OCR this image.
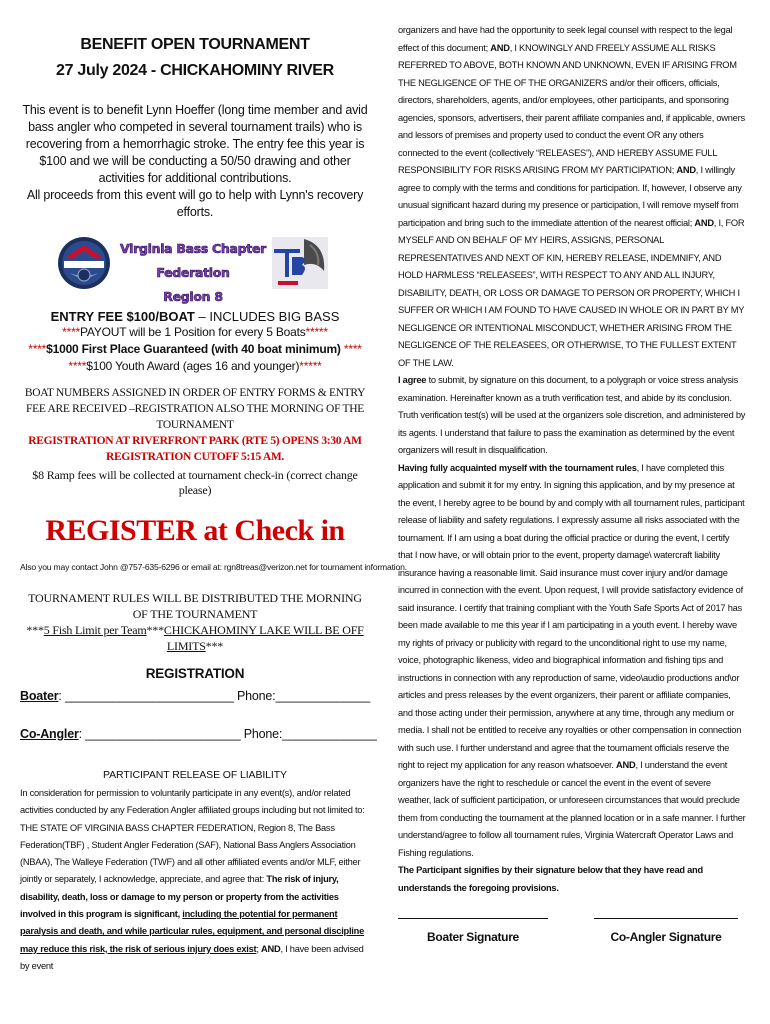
BENEFIT OPEN TOURNAMENT
27 July 2024 - CHICKAHOMINY RIVER

This event is to benefit Lynn Hoeffer (long time member and avid bass angler who competed in several tournament trails) who is recovering from a hemorrhagic stroke. The entry fee this year is $100 and we will be conducting a 50/50 drawing and other activities for additional contributions.

All proceeds from this event will go to help with Lynn's recovery efforts.

Virginia Bass Chapter Federation
Region 8
ENTRY FEE $100/BOAT – INCLUDES BIG BASS
****PAYOUT will be 1 Position for every 5 Boats*****
****$1000 First Place Guaranteed (with 40 boat minimum) ****
****$100 Youth Award (ages 16 and younger)*****
BOAT NUMBERS ASSIGNED IN ORDER OF ENTRY FORMS & ENTRY FEE ARE RECEIVED –REGISTRATION ALSO THE MORNING OF THE TOURNAMENT
REGISTRATION AT RIVERFRONT PARK (RTE 5) OPENS 3:30 AM
REGISTRATION CUTOFF 5:15 AM.
$8 Ramp fees will be collected at tournament check-in (correct change please)
REGISTER at Check in
Also you may contact John @757-635-6296 or email at: rgn8treas@verizon.net for tournament information.
TOURNAMENT RULES WILL BE DISTRIBUTED THE MORNING OF THE TOURNAMENT
***5 Fish Limit per Team***CHICKAHOMINY LAKE WILL BE OFF LIMITS***
REGISTRATION
Boater: _________________________ Phone:______________
Co-Angler: _______________________ Phone:______________
PARTICIPANT RELEASE OF LIABILITY
In consideration for permission to voluntarily participate in any event(s), and/or related activities conducted by any Federation Angler affiliated groups including but not limited to: THE STATE OF VIRGINIA BASS CHAPTER FEDERATION, Region 8, The Bass Federation(TBF) , Student Angler Federation (SAF), National Bass Anglers Association (NBAA), The Walleye Federation (TWF) and all other affiliated events and/or MLF, either jointly or separately, I acknowledge, appreciate, and agree that: The risk of injury, disability, death, loss or damage to my person or property from the activities involved in this program is significant, including the potential for permanent paralysis and death, and while particular rules, equipment, and personal discipline may reduce this risk, the risk of serious injury does exist; AND, I have been advised by event

organizers and have had the opportunity to seek legal counsel with respect to the legal effect of this document; AND, I KNOWINGLY AND FREELY ASSUME ALL RISKS REFERRED TO ABOVE, BOTH KNOWN AND UNKNOWN, EVEN IF ARISING FROM THE NEGLIGENCE OF THE OF THE ORGANIZERS and/or their officers, officials, directors, shareholders, agents, and/or employees, other participants, and sponsoring agencies, sponsors, advertisers, their parent affiliate companies and, if applicable, owners and lessors of premises and property used to conduct the event OR any others connected to the event (collectively “RELEASES”), AND HEREBY ASSUME FULL RESPONSIBILITY FOR RISKS ARISING FROM MY PARTICIPATION; AND, I willingly agree to comply with the terms and conditions for participation. If, however, I observe any unusual significant hazard during my presence or participation, I will remove myself from participation and bring such to the immediate attention of the nearest official; AND, I, FOR MYSELF AND ON BEHALF OF MY HEIRS, ASSIGNS, PERSONAL REPRESENTATIVES AND NEXT OF KIN, HEREBY RELEASE, INDEMNIFY, AND HOLD HARMLESS “RELEASEES”, WITH RESPECT TO ANY AND ALL INJURY, DISABILITY, DEATH, OR LOSS OR DAMAGE TO PERSON OR PROPERTY, WHICH I SUFFER OR WHICH I AM FOUND TO HAVE CAUSED IN WHOLE OR IN PART BY MY NEGLIGENCE OR INTENTIONAL MISCONDUCT, WHETHER ARISING FROM THE NEGLIGENCE OF THE RELEASEES, OR OTHERWISE, TO THE FULLEST EXTENT OF THE LAW.

I agree to submit, by signature on this document, to a polygraph or voice stress analysis examination. Hereinafter known as a truth verification test, and abide by its conclusion. Truth verification test(s) will be used at the organizers sole discretion, and administered by its agents. I understand that failure to pass the examination as determined by the event organizers will result in disqualification.

Having fully acquainted myself with the tournament rules, I have completed this application and submit it for my entry. In signing this application, and by my presence at the event, I hereby agree to be bound by and comply with all tournament rules, participant release of liability and safety regulations. I expressly assume all risks associated with the tournament. If I am using a boat during the official practice or during the event, I certify that I now have, or will obtain prior to the event, property damage\ watercraft liability insurance having a reasonable limit. Said insurance must cover injury and/or damage incurred in connection with the event. Upon request, I will provide satisfactory evidence of said insurance. I certify that training compliant with the Youth Safe Sports Act of 2017 has been made available to me this year if I am participating in a youth event. I hereby wave my rights of privacy or publicity with regard to the unconditional right to use my name, voice, photographic likeness, video and biographical information and fishing tips and instructions in connection with any reproduction of same, video\audio productions and\or articles and press releases by the event organizers, their parent or affiliate companies, and those acting under their permission, anywhere at any time, through any medium or media. I shall not be entitled to receive any royalties or other compensation in connection with such use. I further understand and agree that the tournament officials reserve the right to reject my application for any reason whatsoever. AND, I understand the event organizers have the right to reschedule or cancel the event in the event of severe weather, lack of sufficient participation, or unforeseen circumstances that would preclude them from conducting the tournament at the planned location or in a safe manner. I further understand/agree to follow all tournament rules, Virginia Watercraft Operator Laws and Fishing regulations.

The Participant signifies by their signature below that they have read and understands the foregoing provisions.

Boater Signature	Co-Angler Signature
